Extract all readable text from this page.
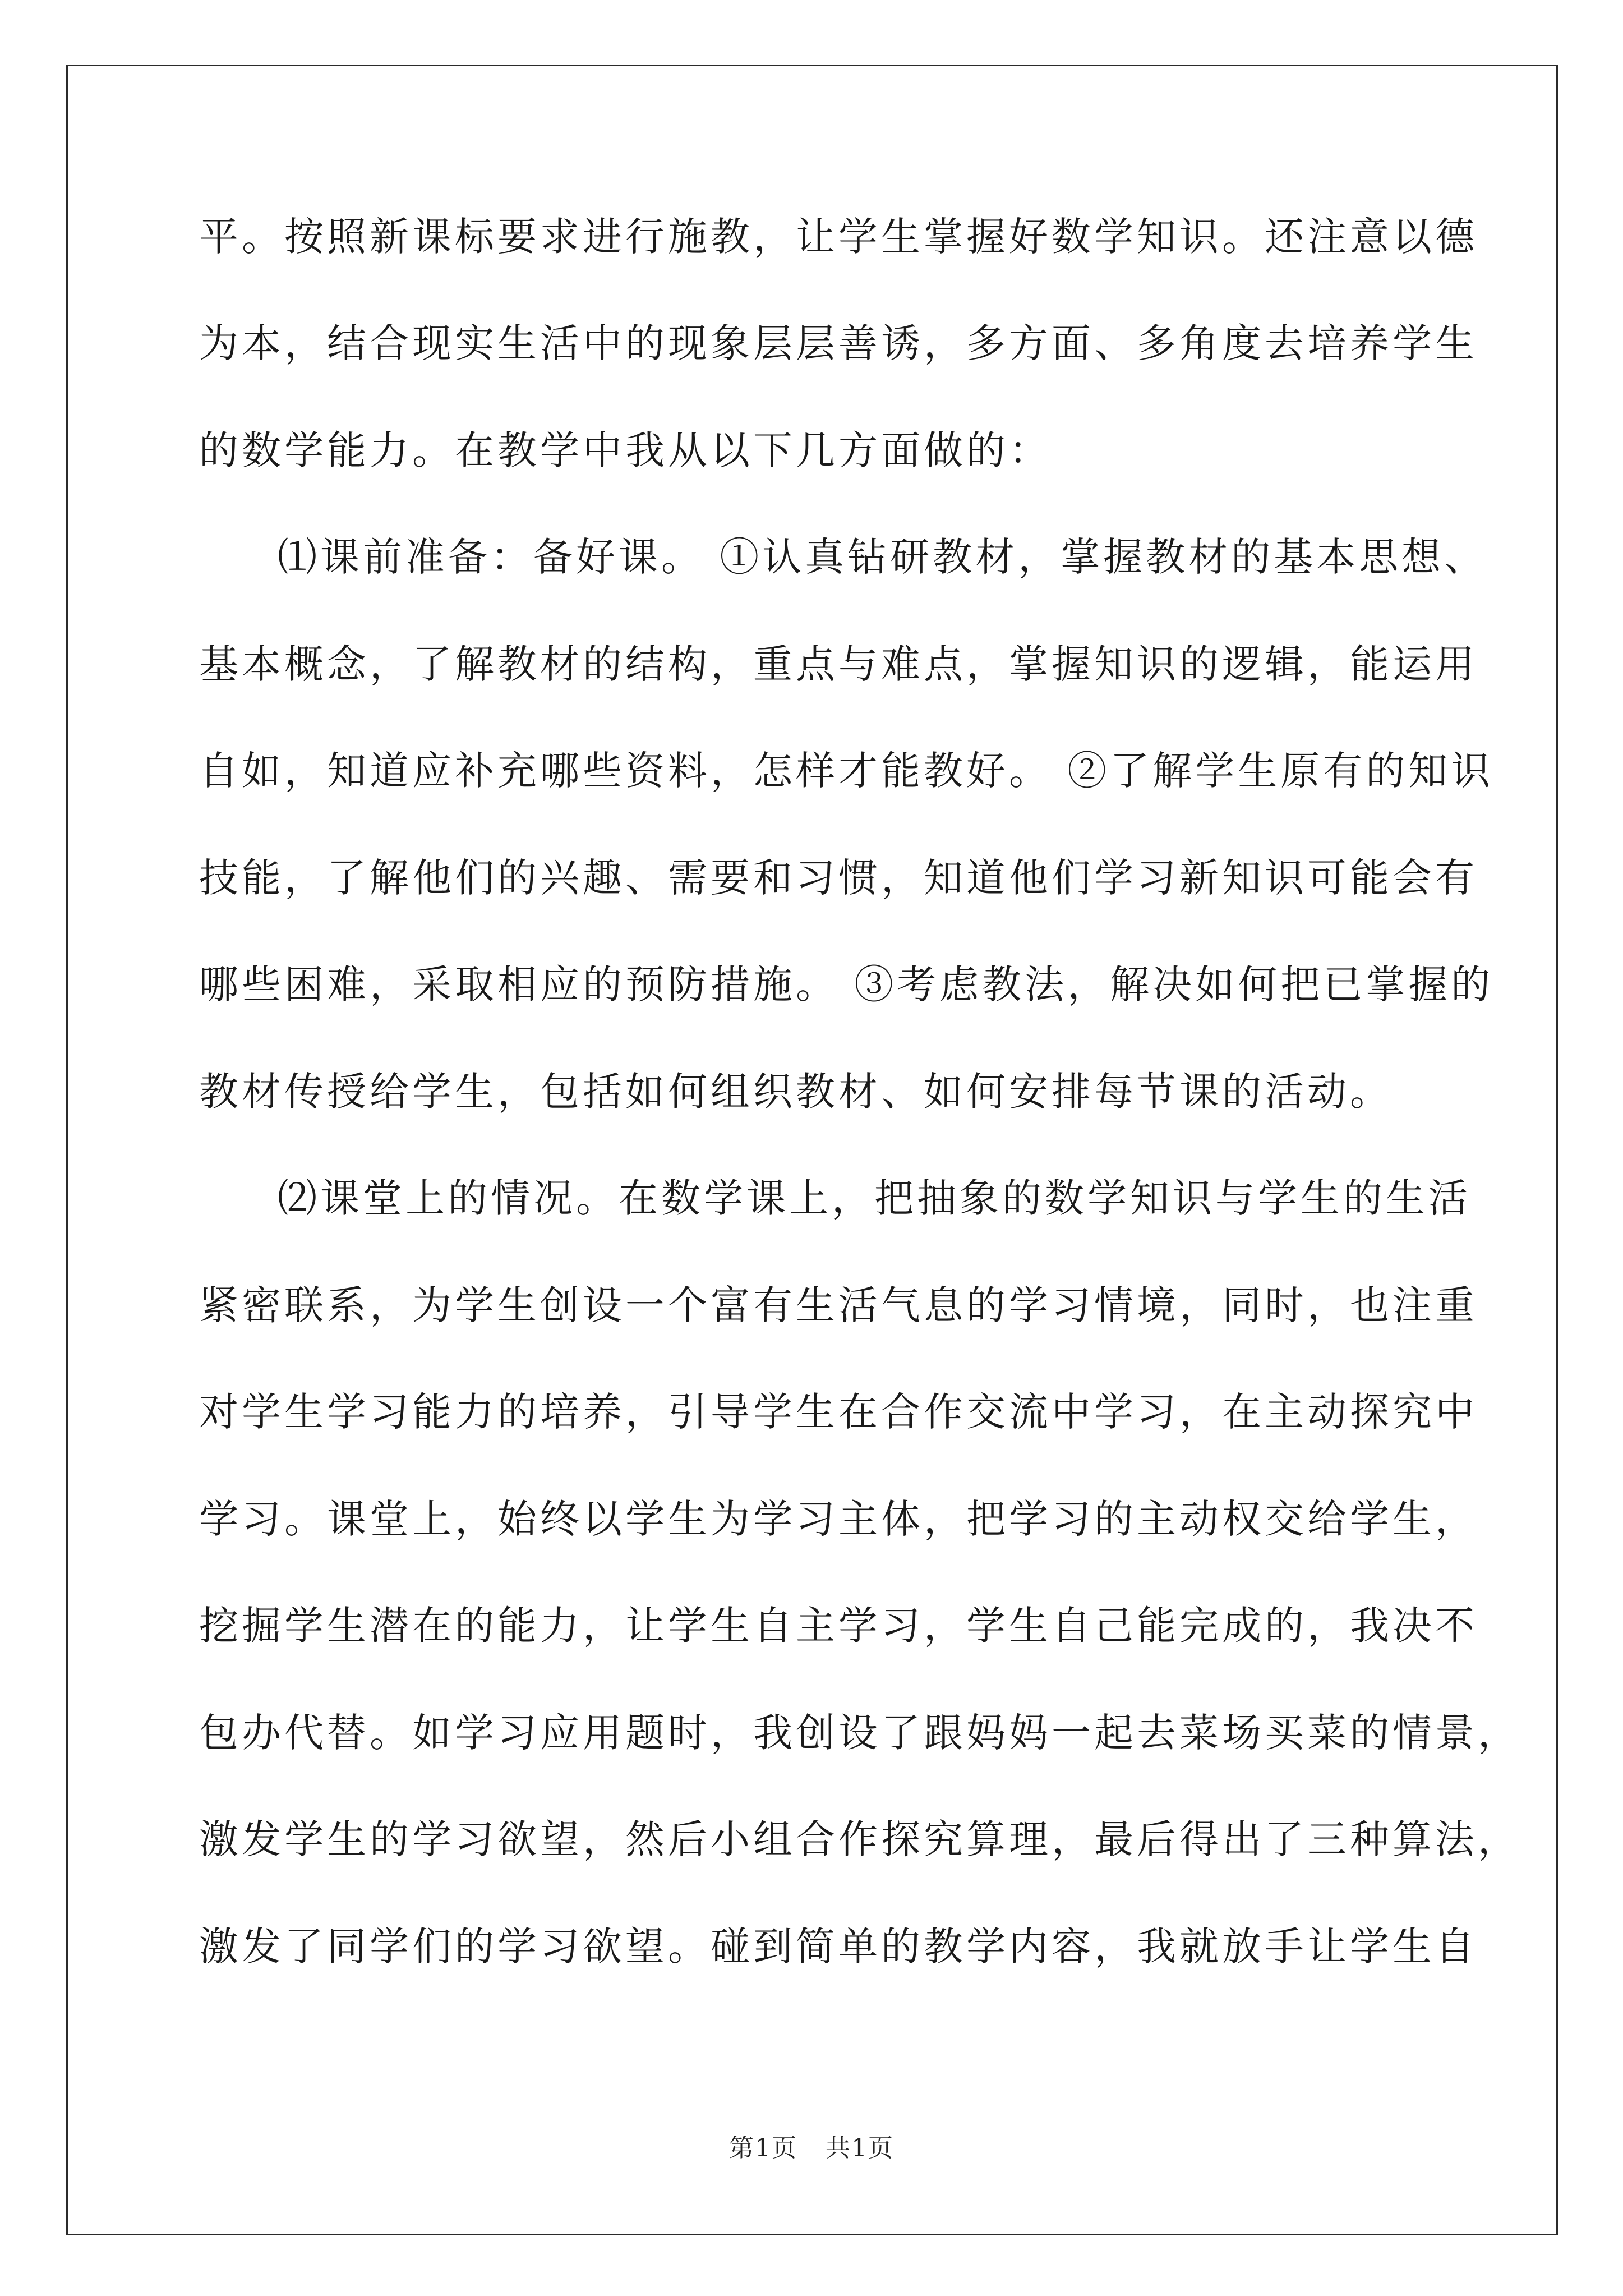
平。按照新课标要求进行施教，让学生掌握好数学知识。还注意以德
为本，结合现实生活中的现象层层善诱，多方面、多角度去培养学生
的数学能力。在教学中我从以下几方面做的：
⑴课前准备：备好课。 ①认真钻研教材，掌握教材的基本思想、
基本概念，了解教材的结构，重点与难点，掌握知识的逻辑，能运用
自如，知道应补充哪些资料，怎样才能教好。 ②了解学生原有的知识
技能，了解他们的兴趣、需要和习惯，知道他们学习新知识可能会有
哪些困难，采取相应的预防措施。 ③考虑教法，解决如何把已掌握的
教材传授给学生，包括如何组织教材、如何安排每节课的活动。
⑵课堂上的情况。在数学课上，把抽象的数学知识与学生的生活
紧密联系，为学生创设一个富有生活气息的学习情境，同时，也注重
对学生学习能力的培养，引导学生在合作交流中学习，在主动探究中
学习。课堂上，始终以学生为学习主体，把学习的主动权交给学生，
挖掘学生潜在的能力，让学生自主学习，学生自己能完成的，我决不
包办代替。如学习应用题时，我创设了跟妈妈一起去菜场买菜的情景，
激发学生的学习欲望，然后小组合作探究算理，最后得出了三种算法，
激发了同学们的学习欲望。碰到简单的教学内容，我就放手让学生自
第1页 共1页
